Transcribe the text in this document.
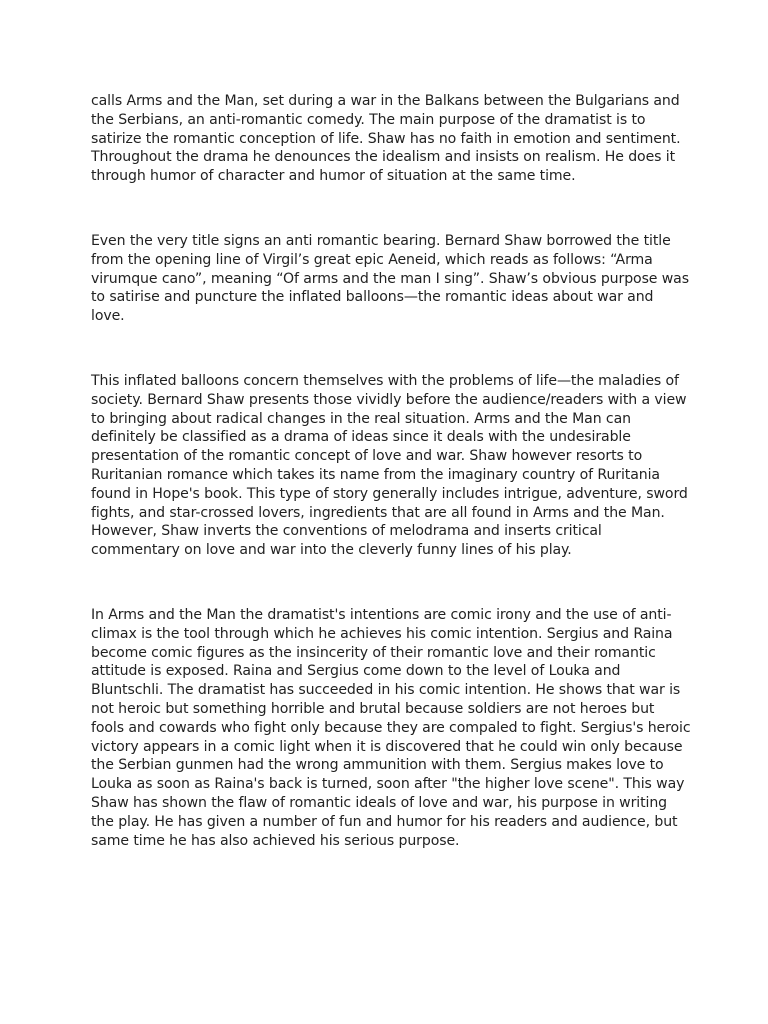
calls Arms and the Man, set during a war in the Balkans between the Bulgarians and the Serbians, an anti-romantic comedy. The main purpose of the dramatist is to satirize the romantic conception of life. Shaw has no faith in emotion and sentiment. Throughout the drama he denounces the idealism and insists on realism. He does it through humor of character and humor of situation at the same time.

Even the very title signs an anti romantic bearing. Bernard Shaw borrowed the title from the opening line of Virgil’s great epic Aeneid, which reads as follows: “Arma virumque cano”, meaning “Of arms and the man I sing”. Shaw’s obvious purpose was to satirise and puncture the inflated balloons—the romantic ideas about war and love.

This inflated balloons concern themselves with the problems of life—the maladies of society. Bernard Shaw presents those vividly before the audience/readers with a view to bringing about radical changes in the real situation. Arms and the Man can definitely be classified as a drama of ideas since it deals with the undesirable presentation of the romantic concept of love and war. Shaw however resorts to Ruritanian romance which takes its name from the imaginary country of Ruritania found in Hope's book. This type of story generally includes intrigue, adventure, sword fights, and star-crossed lovers, ingredients that are all found in Arms and the Man. However, Shaw inverts the conventions of melodrama and inserts critical commentary on love and war into the cleverly funny lines of his play.

In Arms and the Man the dramatist's intentions are comic irony and the use of anti-climax is the tool through which he achieves his comic intention. Sergius and Raina become comic figures as the insincerity of their romantic love and their romantic attitude is exposed. Raina and Sergius come down to the level of Louka and Bluntschli. The dramatist has succeeded in his comic intention. He shows that war is not heroic but something horrible and brutal because soldiers are not heroes but fools and cowards who fight only because they are compaled to fight. Sergius's heroic victory appears in a comic light when it is discovered that he could win only because the Serbian gunmen had the wrong ammunition with them. Sergius makes love to Louka as soon as Raina's back is turned, soon after "the higher love scene". This way Shaw has shown the flaw of romantic ideals of love and war, his purpose in writing the play. He has given a number of fun and humor for his readers and audience, but same time he has also achieved his serious purpose.
